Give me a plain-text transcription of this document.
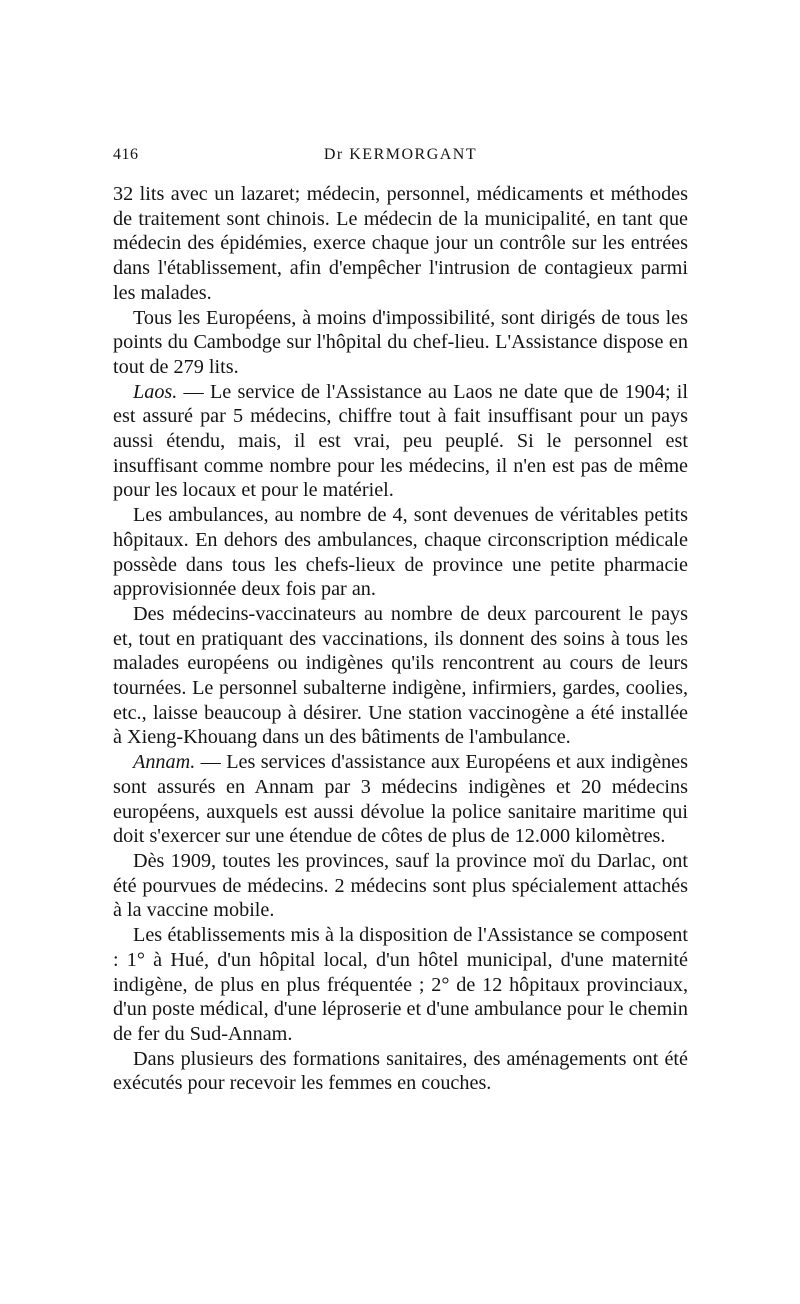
416	Dr KERMORGANT

32 lits avec un lazaret; médecin, personnel, médicaments et méthodes de traitement sont chinois. Le médecin de la municipalité, en tant que médecin des épidémies, exerce chaque jour un contrôle sur les entrées dans l'établissement, afin d'empêcher l'intrusion de contagieux parmi les malades.

Tous les Européens, à moins d'impossibilité, sont dirigés de tous les points du Cambodge sur l'hôpital du chef-lieu. L'Assistance dispose en tout de 279 lits.

Laos. — Le service de l'Assistance au Laos ne date que de 1904; il est assuré par 5 médecins, chiffre tout à fait insuffisant pour un pays aussi étendu, mais, il est vrai, peu peuplé. Si le personnel est insuffisant comme nombre pour les médecins, il n'en est pas de même pour les locaux et pour le matériel.

Les ambulances, au nombre de 4, sont devenues de véritables petits hôpitaux. En dehors des ambulances, chaque circonscription médicale possède dans tous les chefs-lieux de province une petite pharmacie approvisionnée deux fois par an.

Des médecins-vaccinateurs au nombre de deux parcourent le pays et, tout en pratiquant des vaccinations, ils donnent des soins à tous les malades européens ou indigènes qu'ils rencontrent au cours de leurs tournées. Le personnel subalterne indigène, infirmiers, gardes, coolies, etc., laisse beaucoup à désirer. Une station vaccinogène a été installée à Xieng-Khouang dans un des bâtiments de l'ambulance.

Annam. — Les services d'assistance aux Européens et aux indigènes sont assurés en Annam par 3 médecins indigènes et 20 médecins européens, auxquels est aussi dévolue la police sanitaire maritime qui doit s'exercer sur une étendue de côtes de plus de 12.000 kilomètres.

Dès 1909, toutes les provinces, sauf la province moï du Darlac, ont été pourvues de médecins. 2 médecins sont plus spécialement attachés à la vaccine mobile.

Les établissements mis à la disposition de l'Assistance se composent : 1° à Hué, d'un hôpital local, d'un hôtel municipal, d'une maternité indigène, de plus en plus fréquentée ; 2° de 12 hôpitaux provinciaux, d'un poste médical, d'une léproserie et d'une ambulance pour le chemin de fer du Sud-Annam.

Dans plusieurs des formations sanitaires, des aménagements ont été exécutés pour recevoir les femmes en couches.
